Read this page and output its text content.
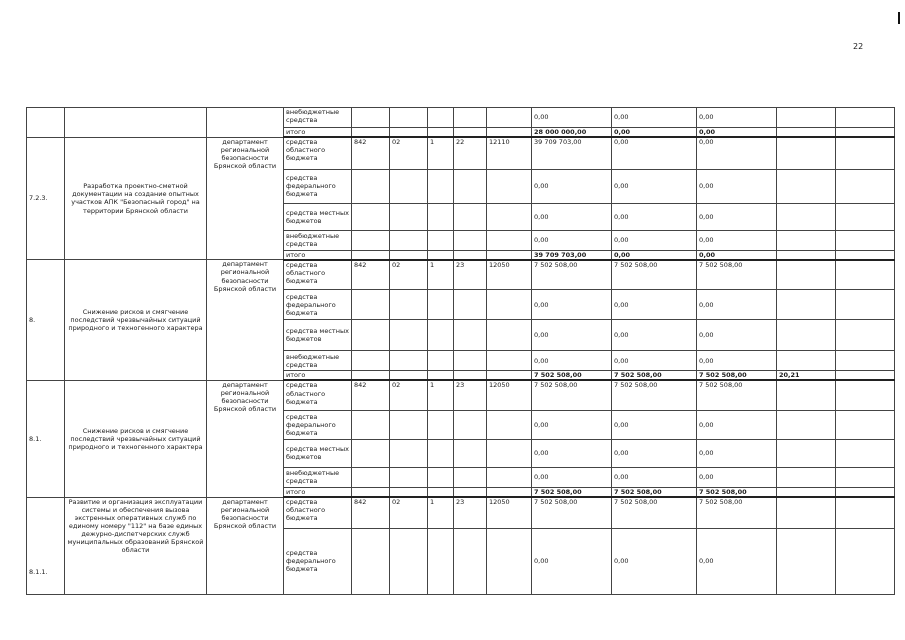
22
			внебюджетные средства						0,00	0,00	0,00		
			итого						28 000 000,00	0,00	0,00		
7.2.3.	Разработка проектно-сметной документации на создание опытных участков АПК "Безопасный город" на территории Брянской области	департамент региональной безопасности Брянской области	средства областного бюджета	842	02	1	22	12110	39 709 703,00	0,00	0,00		
			средства федерального бюджета						0,00	0,00	0,00		
			средства местных бюджетов						0,00	0,00	0,00		
			внебюджетные средства						0,00	0,00	0,00		
			итого						39 709 703,00	0,00	0,00		
8.	Снижение рисков и смягчение последствий чрезвычайных ситуаций природного и техногенного характера	департамент региональной безопасности Брянской области	средства областного бюджета	842	02	1	23	12050	7 502 508,00	7 502 508,00	7 502 508,00		
			средства федерального бюджета						0,00	0,00	0,00		
			средства местных бюджетов						0,00	0,00	0,00		
			внебюджетные средства						0,00	0,00	0,00		
			итого						7 502 508,00	7 502 508,00	7 502 508,00	20,21	
8.1.	Снижение рисков и смягчение последствий чрезвычайных ситуаций природного и техногенного характера	департамент региональной безопасности Брянской области	средства областного бюджета	842	02	1	23	12050	7 502 508,00	7 502 508,00	7 502 508,00		
			средства федерального бюджета						0,00	0,00	0,00		
			средства местных бюджетов						0,00	0,00	0,00		
			внебюджетные средства						0,00	0,00	0,00		
			итого						7 502 508,00	7 502 508,00	7 502 508,00		

8.1.1.	Развитие и организация эксплуатации системы и обеспечения вызова экстренных оперативных служб по единому номеру "112" на базе единых дежурно-диспетчерских служб муниципальных образований Брянской области	департамент региональной безопасности Брянской области	средства областного бюджета	842	02	1	23	12050	7 502 508,00	7 502 508,00	7 502 508,00		
			средства федерального бюджета						0,00	0,00	0,00		
